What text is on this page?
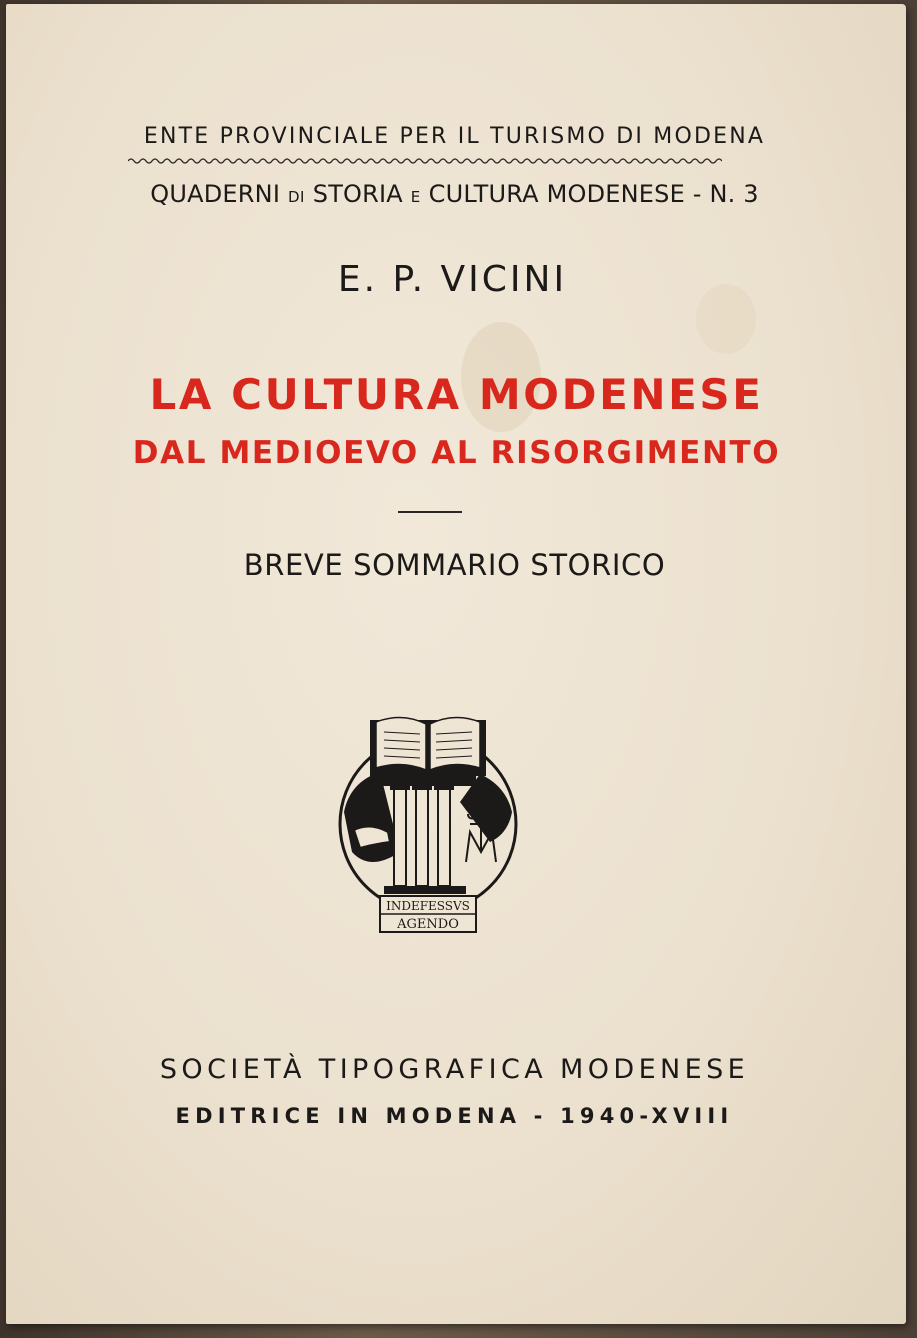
ENTE PROVINCIALE PER IL TURISMO DI MODENA
QUADERNI DI STORIA E CULTURA MODENESE - N. 3
E. P. VICINI
LA CULTURA MODENESE
DAL MEDIOEVO AL RISORGIMENTO
BREVE SOMMARIO STORICO
INDEFESSVS
AGENDO
SOCIETÀ TIPOGRAFICA MODENESE
EDITRICE IN MODENA - 1940-XVIII
